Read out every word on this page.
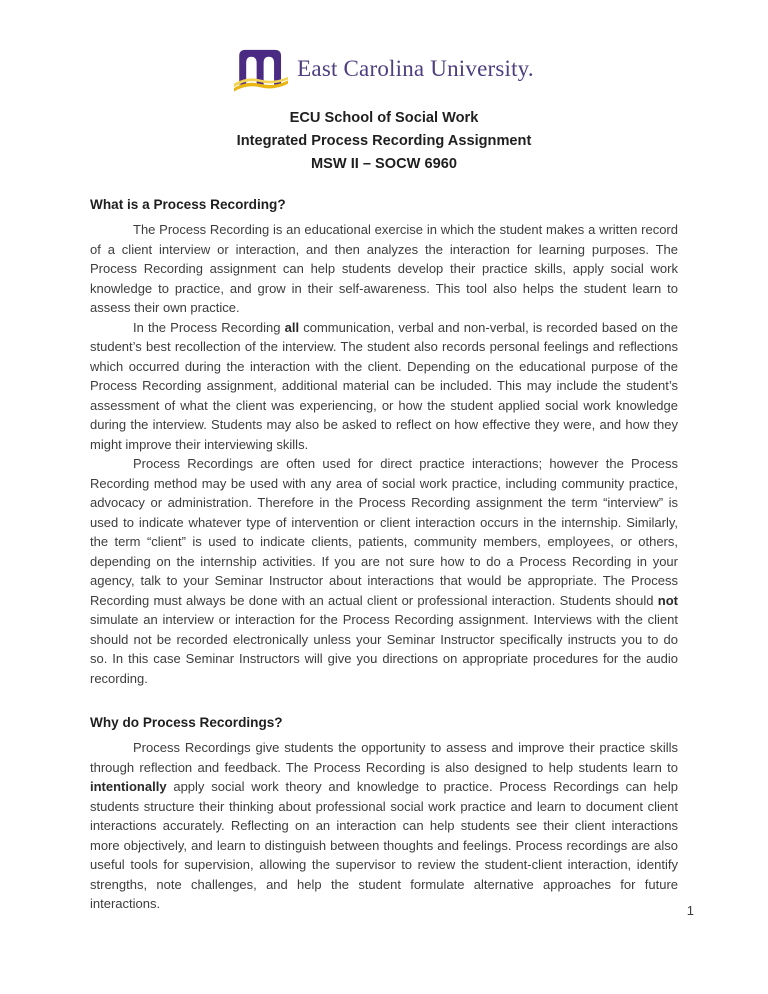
East Carolina University.
ECU School of Social Work
Integrated Process Recording Assignment
MSW II – SOCW 6960
What is a Process Recording?

The Process Recording is an educational exercise in which the student makes a written record of a client interview or interaction, and then analyzes the interaction for learning purposes. The Process Recording assignment can help students develop their practice skills, apply social work knowledge to practice, and grow in their self-awareness. This tool also helps the student learn to assess their own practice.

In the Process Recording all communication, verbal and non-verbal, is recorded based on the student’s best recollection of the interview. The student also records personal feelings and reflections which occurred during the interaction with the client. Depending on the educational purpose of the Process Recording assignment, additional material can be included. This may include the student’s assessment of what the client was experiencing, or how the student applied social work knowledge during the interview. Students may also be asked to reflect on how effective they were, and how they might improve their interviewing skills.

Process Recordings are often used for direct practice interactions; however the Process Recording method may be used with any area of social work practice, including community practice, advocacy or administration. Therefore in the Process Recording assignment the term “interview” is used to indicate whatever type of intervention or client interaction occurs in the internship. Similarly, the term “client” is used to indicate clients, patients, community members, employees, or others, depending on the internship activities. If you are not sure how to do a Process Recording in your agency, talk to your Seminar Instructor about interactions that would be appropriate. The Process Recording must always be done with an actual client or professional interaction. Students should not simulate an interview or interaction for the Process Recording assignment. Interviews with the client should not be recorded electronically unless your Seminar Instructor specifically instructs you to do so. In this case Seminar Instructors will give you directions on appropriate procedures for the audio recording.

Why do Process Recordings?

Process Recordings give students the opportunity to assess and improve their practice skills through reflection and feedback. The Process Recording is also designed to help students learn to intentionally apply social work theory and knowledge to practice. Process Recordings can help students structure their thinking about professional social work practice and learn to document client interactions accurately. Reflecting on an interaction can help students see their client interactions more objectively, and learn to distinguish between thoughts and feelings. Process recordings are also useful tools for supervision, allowing the supervisor to review the student-client interaction, identify strengths, note challenges, and help the student formulate alternative approaches for future interactions.	1
